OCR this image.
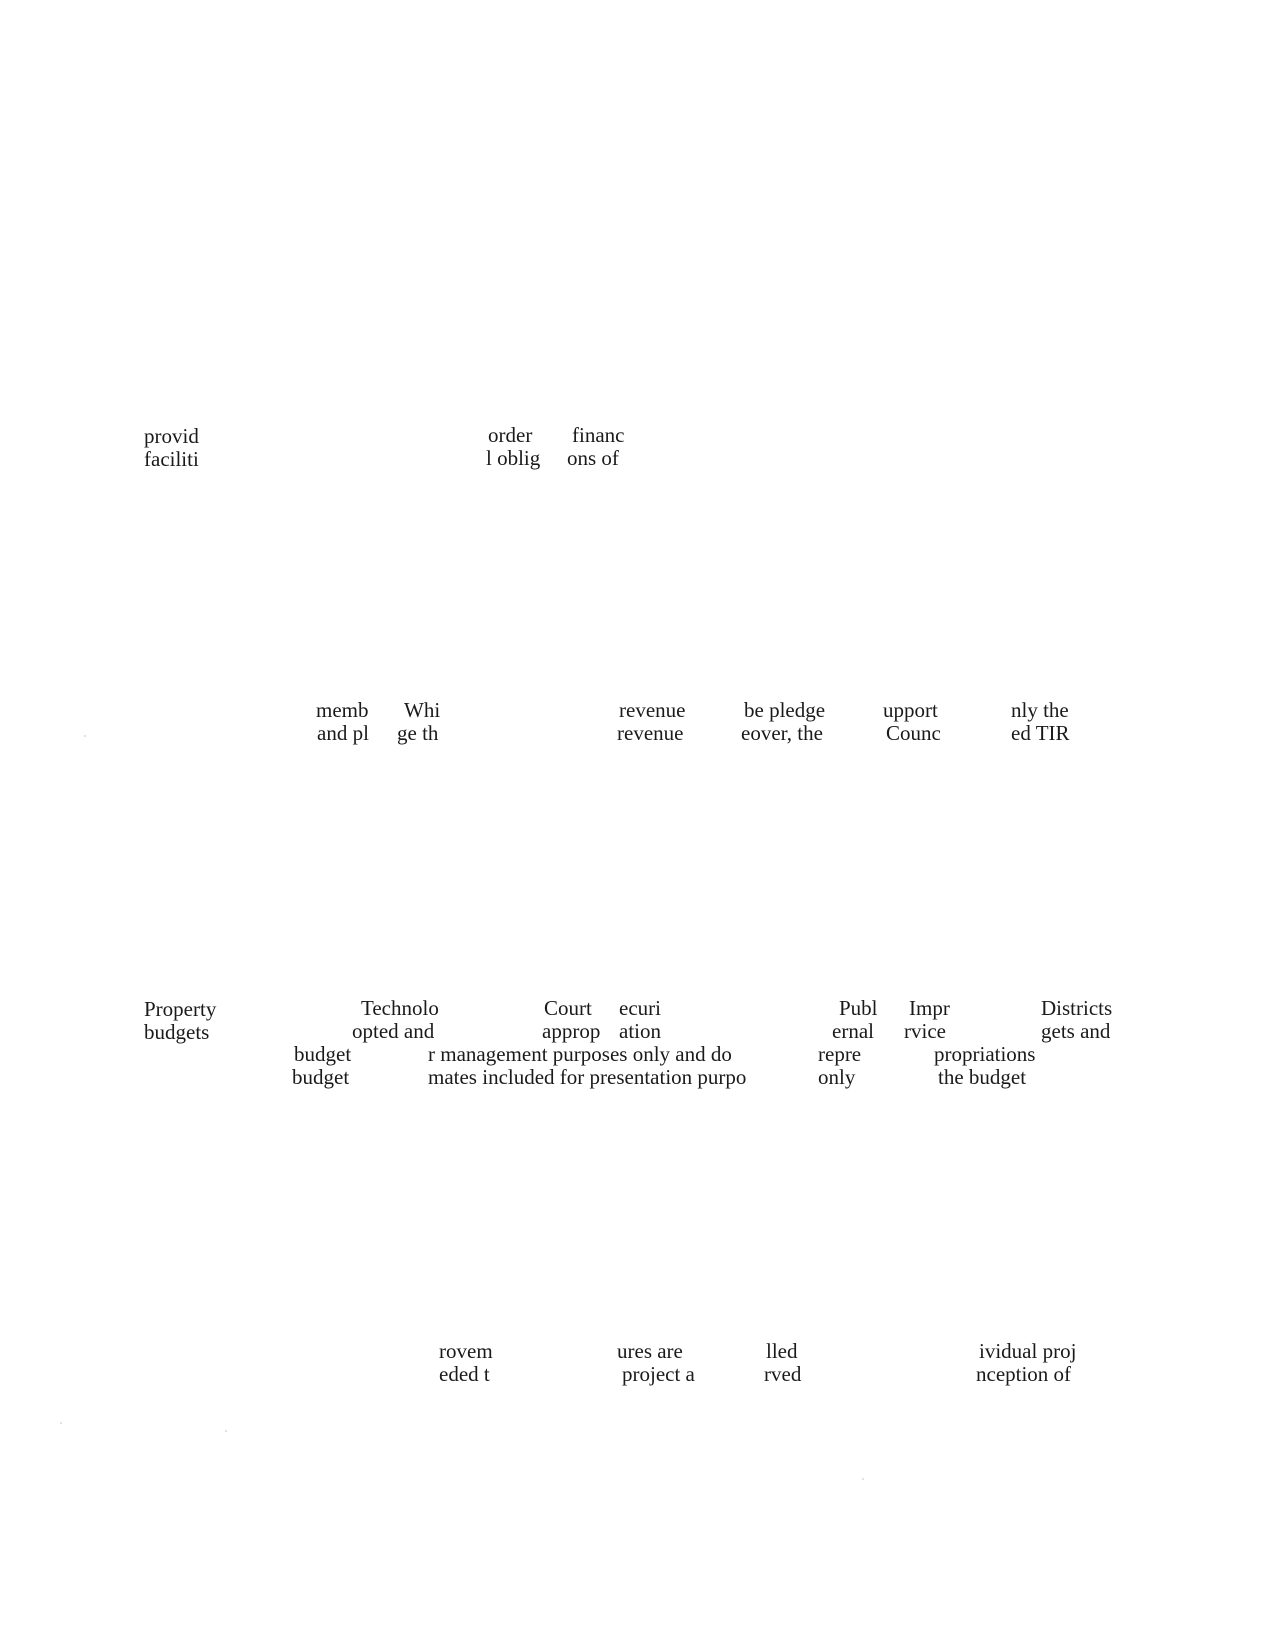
provid
faciliti
order
l oblig
financ
ons of
memb
and pl
Whi
ge th
revenue
revenue
be pledge
eover, the
upport
Counc
nly the
ed TIR
Property
budgets
Technolo
opted and
Court ecuri
approp ation
Publ
ernal
Impr
rvice
Districts
gets and
budget
budget
r management purposes only and do
mates included for presentation purpo
repre
only
propriations
the budget
rovem
eded t
ures are
project a
lled
rved
ividual proj
nception of
